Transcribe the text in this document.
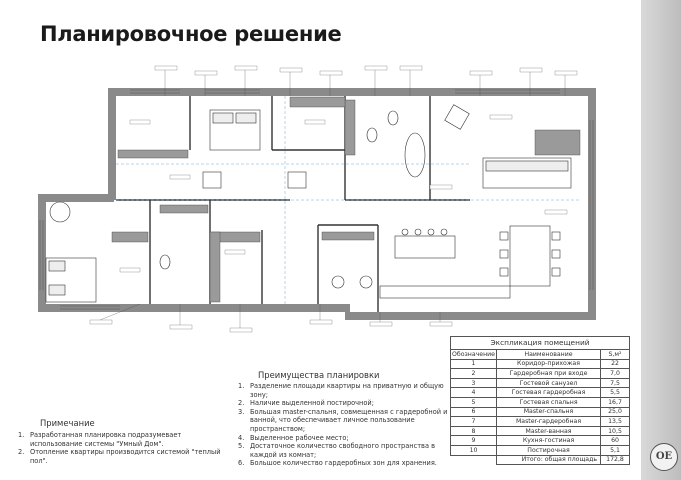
Планировочное решение
Преимущества планировки
1. Разделение площади квартиры на приватную и общую зону;
2. Наличие выделенной постирочной;
3. Большая master-спальня, совмещенная с гардеробной и ванной, что обеспечивает личное пользование пространством;
4. Выделенное рабочее место;
5. Достаточное количество свободного пространства в каждой из комнат;
6. Большое количество гардеробных зон для хранения.
Примечание
1. Разработанная планировка подразумевает использование системы "Умный Дом".
2. Отопление квартиры производится системой "теплый пол".
Экспликация помещений
Обозначение	Наименование	S,м²
1	Коридор-прихожая	22
2	Гардеробная при входе	7,0
3	Гостевой санузел	7,5
4	Гостевая гардеробная	5,5
5	Гостевая спальня	16,7
6	Master-спальня	25,0
7	Master-гардеробная	13,5
8	Master-ванная	10,5
9	Кухня-гостиная	60
10	Постирочная	5,1
	Итого: общая площадь	172,8	OE
